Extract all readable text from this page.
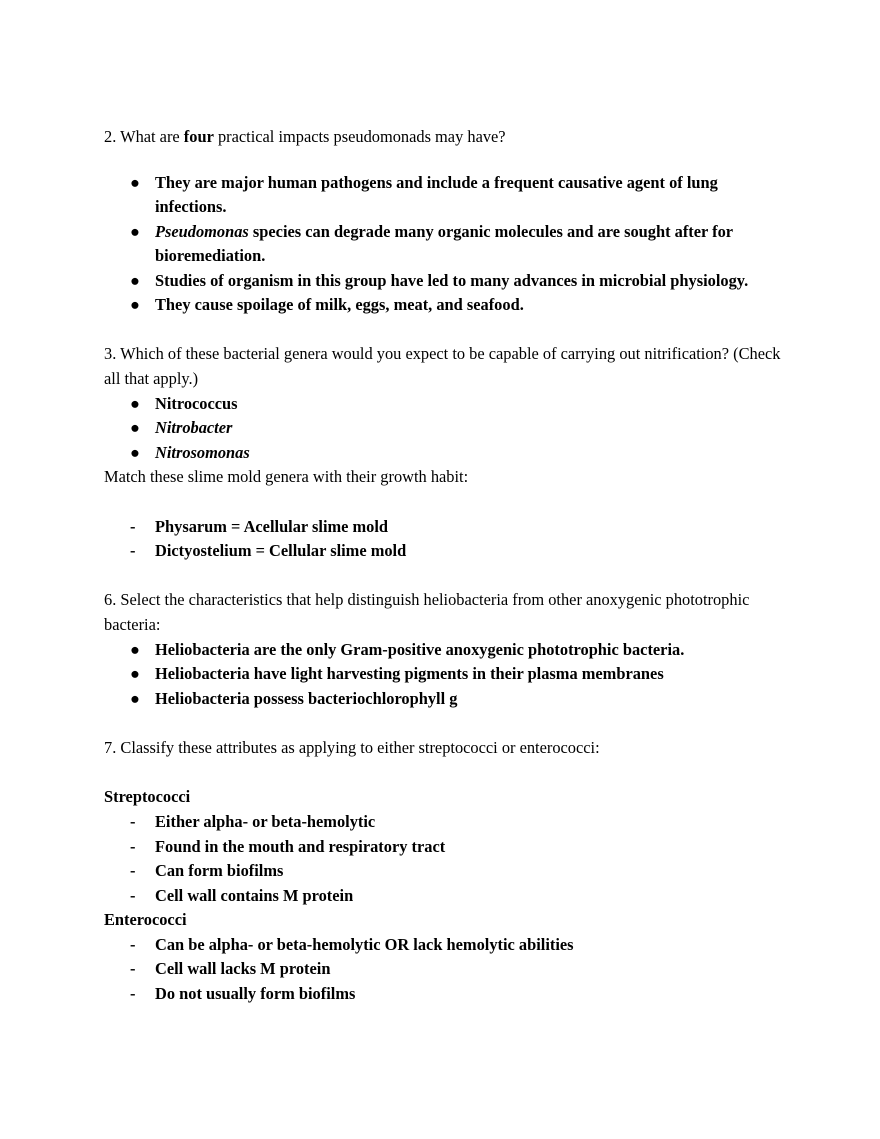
2. What are four practical impacts pseudomonads may have?

● They are major human pathogens and include a frequent causative agent of lung infections.
● Pseudomonas species can degrade many organic molecules and are sought after for bioremediation.
● Studies of organism in this group have led to many advances in microbial physiology.
● They cause spoilage of milk, eggs, meat, and seafood.

3. Which of these bacterial genera would you expect to be capable of carrying out nitrification? (Check all that apply.)

● Nitrococcus
● Nitrobacter
● Nitrosomonas

Match these slime mold genera with their growth habit:

- Physarum = Acellular slime mold
- Dictyostelium = Cellular slime mold

6. Select the characteristics that help distinguish heliobacteria from other anoxygenic phototrophic bacteria:

● Heliobacteria are the only Gram-positive anoxygenic phototrophic bacteria.
● Heliobacteria have light harvesting pigments in their plasma membranes
● Heliobacteria possess bacteriochlorophyll g

7. Classify these attributes as applying to either streptococci or enterococci:

Streptococci

- Either alpha- or beta-hemolytic
- Found in the mouth and respiratory tract
- Can form biofilms
- Cell wall contains M protein

Enterococci

- Can be alpha- or beta-hemolytic OR lack hemolytic abilities
- Cell wall lacks M protein
- Do not usually form biofilms
